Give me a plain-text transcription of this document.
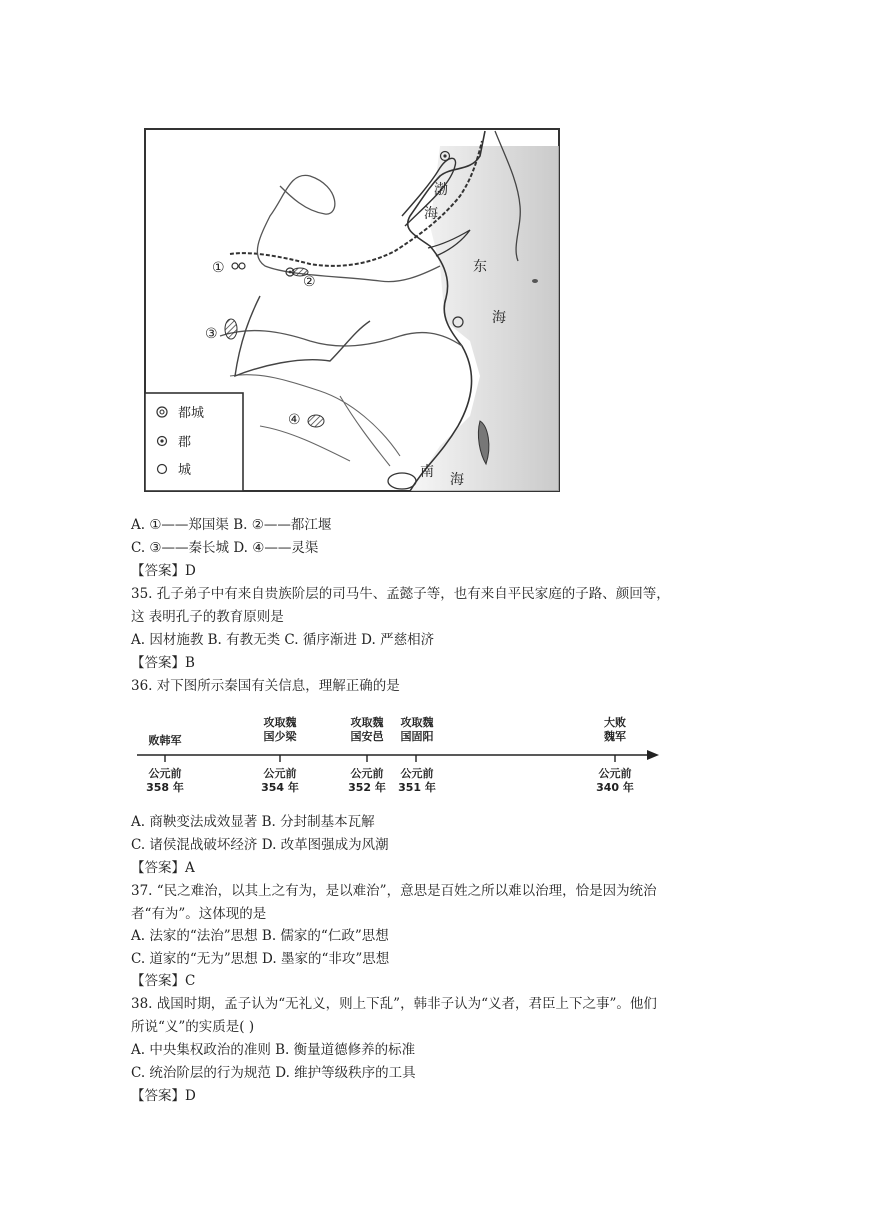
渤
海
东
海
南 海
①
②
③
④
都城
郡
城
A. ①——郑国渠 B. ②——都江堰
C. ③——秦长城 D. ④——灵渠
【答案】D
35. 孔子弟子中有来自贵族阶层的司马牛、孟懿子等，也有来自平民家庭的子路、颜回等，
这 表明孔子的教育原则是
A. 因材施教 B. 有教无类 C. 循序渐进 D. 严慈相济
【答案】B
36. 对下图所示秦国有关信息，理解正确的是
败韩军
公元前
358 年
攻取魏
国少梁
公元前
354 年
攻取魏
国安邑
公元前
352 年
攻取魏
国固阳
公元前
351 年
大败
魏军
公元前
340 年
A. 商鞅变法成效显著 B. 分封制基本瓦解
C. 诸侯混战破坏经济 D. 改革图强成为风潮
【答案】A
37. “民之难治，以其上之有为，是以难治”，意思是百姓之所以难以治理，恰是因为统治
者“有为”。这体现的是
A. 法家的“法治”思想 B. 儒家的“仁政”思想
C. 道家的“无为”思想 D. 墨家的“非攻”思想
【答案】C
38. 战国时期，孟子认为“无礼义，则上下乱”，韩非子认为“义者，君臣上下之事”。他们
所说“义”的实质是( )
A. 中央集权政治的准则 B. 衡量道德修养的标准
C. 统治阶层的行为规范 D. 维护等级秩序的工具
【答案】D
